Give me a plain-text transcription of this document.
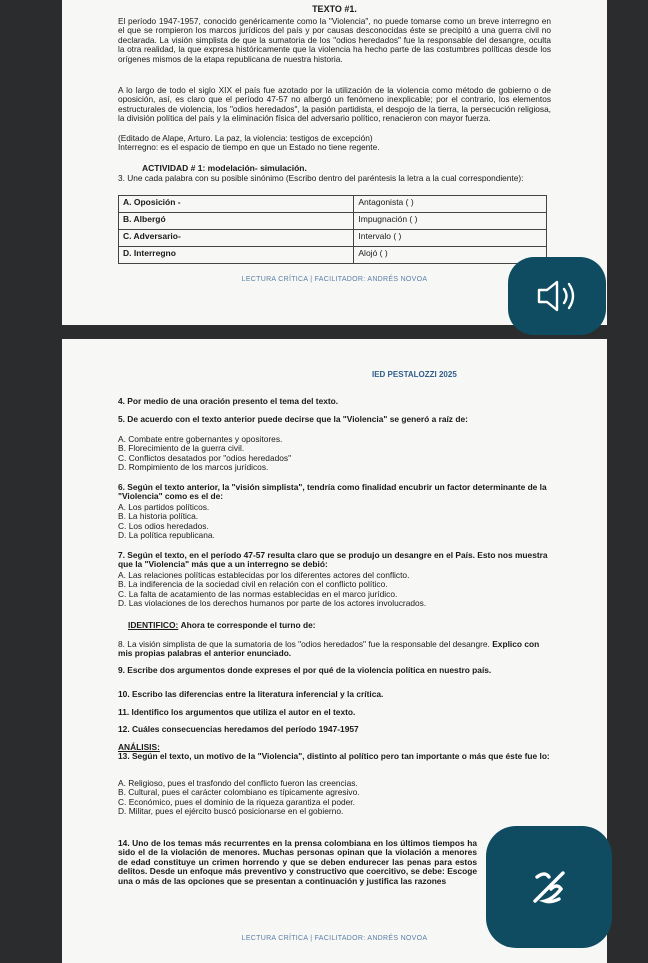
TEXTO #1.

El período 1947-1957, conocido genéricamente como la "Violencia", no puede tomarse como un breve interregno en el que se rompieron los marcos jurídicos del país y por causas desconocidas éste se precipitó a una guerra civil no declarada. La visión simplista de que la sumatoria de los "odios heredados" fue la responsable del desangre, oculta la otra realidad, la que expresa históricamente que la violencia ha hecho parte de las costumbres políticas desde los orígenes mismos de la etapa republicana de nuestra historia.

A lo largo de todo el siglo XIX el país fue azotado por la utilización de la violencia como método de gobierno o de oposición, así, es claro que el período 47-57 no albergó un fenómeno inexplicable; por el contrario, los elementos estructurales de violencia, los "odios heredados", la pasión partidista, el despojo de la tierra, la persecución religiosa, la división política del país y la eliminación física del adversario político, renacieron con mayor fuerza.

(Editado de Alape, Arturo. La paz, la violencia: testigos de excepción)
Interregno: es el espacio de tiempo en que un Estado no tiene regente.

ACTIVIDAD # 1: modelación- simulación.

3. Une cada palabra con su posible sinónimo (Escribo dentro del paréntesis la letra a la cual correspondiente):

A. Oposición -	Antagonista ( )
B. Albergó	Impugnación ( )
C. Adversario-	Intervalo ( )
D. Interregno	Alojó ( )
LECTURA CRÍTICA | FACILITADOR: ANDRÉS NOVOA
IED PESTALOZZI 2025

4. Por medio de una oración presento el tema del texto.

5. De acuerdo con el texto anterior puede decirse que la "Violencia" se generó a raíz de:

A. Combate entre gobernantes y opositores.
B. Florecimiento de la guerra civil.
C. Conflictos desatados por "odios heredados"
D. Rompimiento de los marcos jurídicos.

6. Según el texto anterior, la "visión simplista", tendría como finalidad encubrir un factor determinante de la "Violencia" como es el de:

A. Los partidos políticos.
B. La historia política.
C. Los odios heredados.
D. La política republicana.

7. Según el texto, en el período 47-57 resulta claro que se produjo un desangre en el País. Esto nos muestra que la "Violencia" más que a un interregno se debió:

A. Las relaciones políticas establecidas por los diferentes actores del conflicto.
B. La indiferencia de la sociedad civil en relación con el conflicto político.
C. La falta de acatamiento de las normas establecidas en el marco jurídico.
D. Las violaciones de los derechos humanos por parte de los actores involucrados.

IDENTIFICO: Ahora te corresponde el turno de:

8. La visión simplista de que la sumatoria de los "odios heredados" fue la responsable del desangre. Explico con mis propias palabras el anterior enunciado.

9. Escribe dos argumentos donde expreses el por qué de la violencia política en nuestro país.

10. Escribo las diferencias entre la literatura inferencial y la crítica.

11. Identifico los argumentos que utiliza el autor en el texto.

12. Cuáles consecuencias heredamos del período 1947-1957

ANÁLISIS:

13. Según el texto, un motivo de la "Violencia", distinto al político pero tan importante o más que éste fue lo:

A. Religioso, pues el trasfondo del conflicto fueron las creencias.
B. Cultural, pues el carácter colombiano es típicamente agresivo.
C. Económico, pues el dominio de la riqueza garantiza el poder.
D. Militar, pues el ejército buscó posicionarse en el gobierno.

14. Uno de los temas más recurrentes en la prensa colombiana en los últimos tiempos ha sido el de la violación de menores. Muchas personas opinan que la violación a menores de edad constituye un crimen horrendo y que se deben endurecer las penas para estos delitos. Desde un enfoque más preventivo y constructivo que coercitivo, se debe: Escoge una o más de las opciones que se presentan a continuación y justifica las razones

LECTURA CRÍTICA | FACILITADOR: ANDRÉS NOVOA
